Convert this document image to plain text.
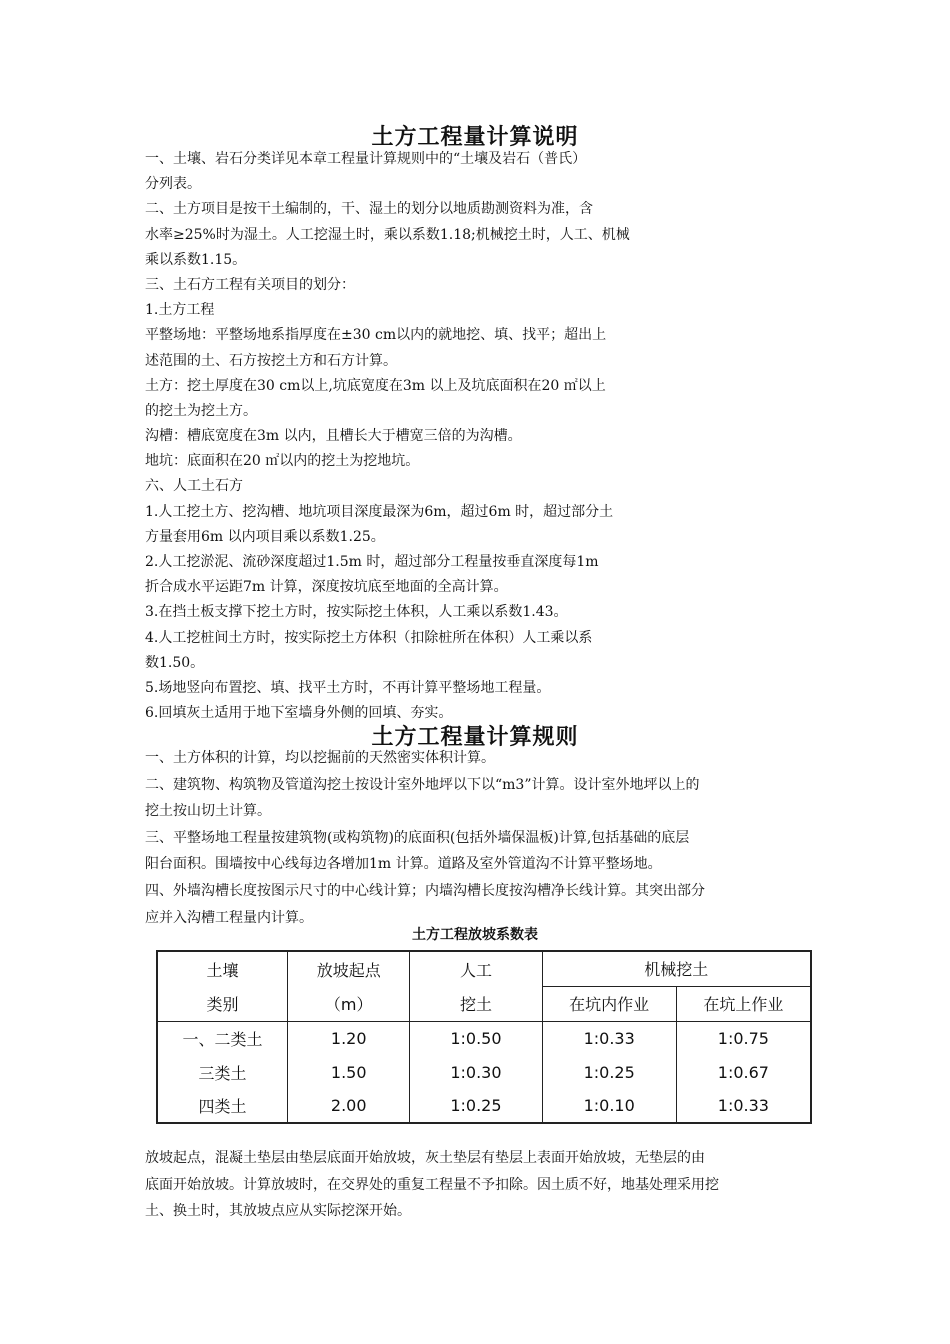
土方工程量计算说明
一、土壤、岩石分类详见本章工程量计算规则中的“土壤及岩石（普氏）
分列表。
二、土方项目是按干土编制的，干、湿土的划分以地质勘测资料为准，含
水率≥25%时为湿土。人工挖湿土时，乘以系数1.18;机械挖土时，人工、机械
乘以系数1.15。
三、土石方工程有关项目的划分：
1.土方工程
平整场地：平整场地系指厚度在±30 cm以内的就地挖、填、找平；超出上
述范围的土、石方按挖土方和石方计算。
土方：挖土厚度在30 cm以上,坑底宽度在3m 以上及坑底面积在20 ㎡以上
的挖土为挖土方。
沟槽：槽底宽度在3m 以内，且槽长大于槽宽三倍的为沟槽。
地坑：底面积在20 ㎡以内的挖土为挖地坑。
六、人工土石方
1.人工挖土方、挖沟槽、地坑项目深度最深为6m，超过6m 时，超过部分土
方量套用6m 以内项目乘以系数1.25。
2.人工挖淤泥、流砂深度超过1.5m 时，超过部分工程量按垂直深度每1m
折合成水平运距7m 计算，深度按坑底至地面的全高计算。
3.在挡土板支撑下挖土方时，按实际挖土体积，人工乘以系数1.43。
4.人工挖桩间土方时，按实际挖土方体积（扣除桩所在体积）人工乘以系
数1.50。
5.场地竖向布置挖、填、找平土方时，不再计算平整场地工程量。
6.回填灰土适用于地下室墙身外侧的回填、夯实。
土方工程量计算规则
一、土方体积的计算，均以挖掘前的天然密实体积计算。
二、建筑物、构筑物及管道沟挖土按设计室外地坪以下以“m3”计算。设计室外地坪以上的
挖土按山切土计算。
三、平整场地工程量按建筑物(或构筑物)的底面积(包括外墙保温板)计算,包括基础的底层
阳台面积。围墙按中心线每边各增加1m 计算。道路及室外管道沟不计算平整场地。
四、外墙沟槽长度按图示尺寸的中心线计算；内墙沟槽长度按沟槽净长线计算。其突出部分
应并入沟槽工程量内计算。
土方工程放坡系数表
土壤	放坡起点	人工	机械挖土	
类别	（m）	挖土	在坑内作业	在坑上作业
一、二类土	1.20	1:0.50	1:0.33	1:0.75
三类土	1.50	1:0.30	1:0.25	1:0.67
四类土	2.00	1:0.25	1:0.10	1:0.33
放坡起点，混凝土垫层由垫层底面开始放坡，灰土垫层有垫层上表面开始放坡，无垫层的由
底面开始放坡。计算放坡时，在交界处的重复工程量不予扣除。因土质不好，地基处理采用挖
土、换土时，其放坡点应从实际挖深开始。
